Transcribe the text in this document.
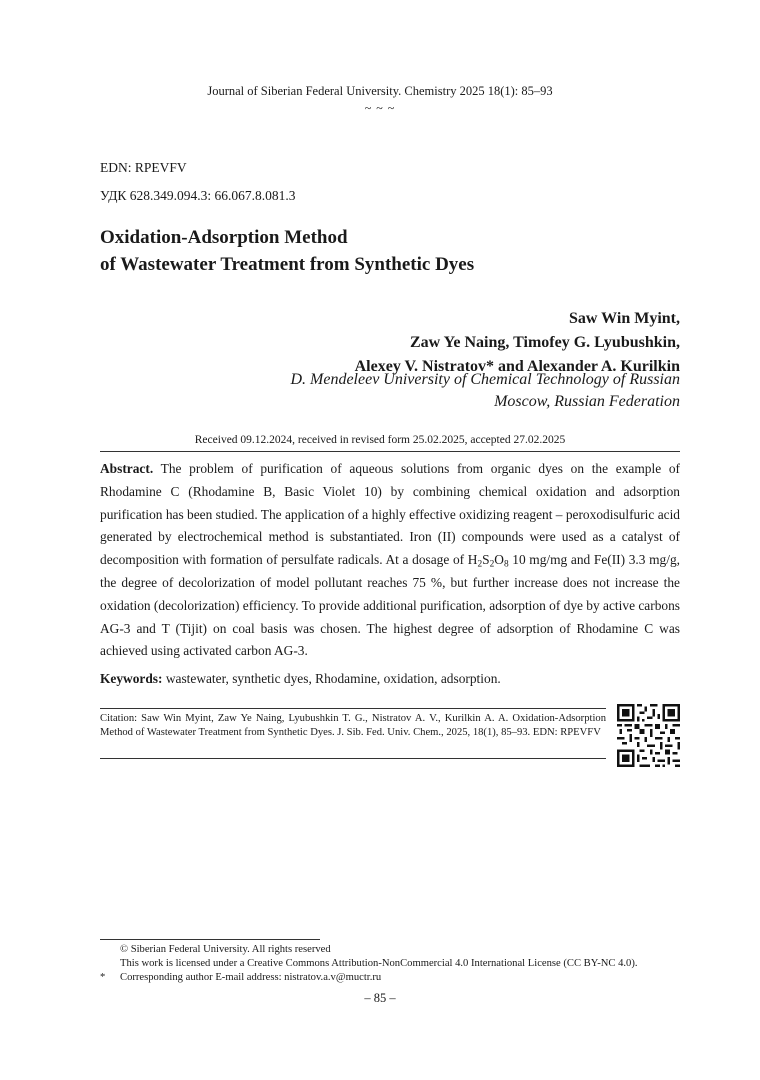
Journal of Siberian Federal University. Chemistry 2025 18(1): 85–93
~ ~ ~
EDN: RPEVFV
УДК 628.349.094.3: 66.067.8.081.3
Oxidation-Adsorption Method
of Wastewater Treatment from Synthetic Dyes
Saw Win Myint,
Zaw Ye Naing, Timofey G. Lyubushkin,
Alexey V. Nistratov* and Alexander A. Kurilkin
D. Mendeleev University of Chemical Technology of Russian
Moscow, Russian Federation
Received 09.12.2024, received in revised form 25.02.2025, accepted 27.02.2025
Abstract. The problem of purification of aqueous solutions from organic dyes on the example of Rhodamine C (Rhodamine B, Basic Violet 10) by combining chemical oxidation and adsorption purification has been studied. The application of a highly effective oxidizing reagent – peroxodisulfuric acid generated by electrochemical method is substantiated. Iron (II) compounds were used as a catalyst of decomposition with formation of persulfate radicals. At a dosage of $H_2S_2O_8$ 10 mg/mg and Fe(II) 3.3 mg/g, the degree of decolorization of model pollutant reaches 75 %, but further increase does not increase the oxidation (decolorization) efficiency. To provide additional purification, adsorption of dye by active carbons AG-3 and T (Tijit) on coal basis was chosen. The highest degree of adsorption of Rhodamine C was achieved using activated carbon AG-3.
Keywords: wastewater, synthetic dyes, Rhodamine, oxidation, adsorption.
Citation: Saw Win Myint, Zaw Ye Naing, Lyubushkin T. G., Nistratov A. V., Kurilkin A. A. Oxidation-Adsorption Method of Wastewater Treatment from Synthetic Dyes. J. Sib. Fed. Univ. Chem., 2025, 18(1), 85–93. EDN: RPEVFV
© Siberian Federal University. All rights reserved
This work is licensed under a Creative Commons Attribution-NonCommercial 4.0 International License (CC BY-NC 4.0).
* Corresponding author E-mail address: nistratov.a.v@muctr.ru
– 85 –
